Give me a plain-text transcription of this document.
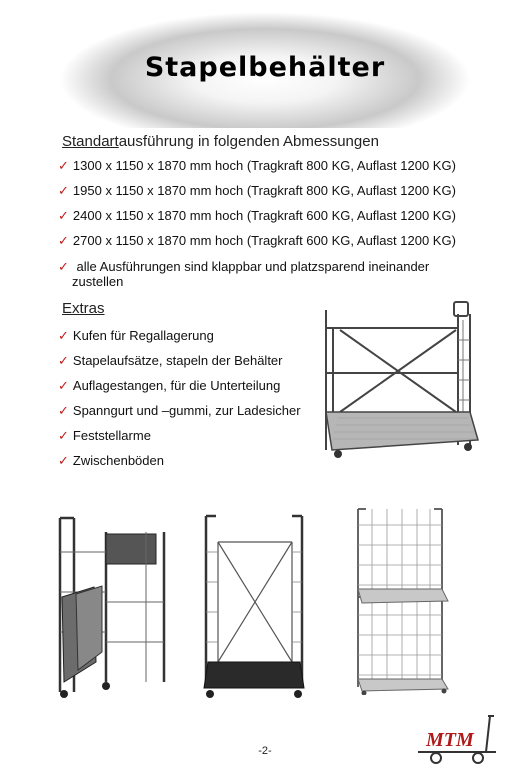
Stapelbehälter
Standartausführung in folgenden Abmessungen
✓ 1300 x 1150 x 1870 mm hoch (Tragkraft 800 KG, Auflast 1200 KG)
✓ 1950 x 1150 x 1870 mm hoch (Tragkraft 800 KG, Auflast 1200 KG)
✓ 2400 x 1150 x 1870 mm hoch (Tragkraft 600 KG, Auflast 1200 KG)
✓ 2700 x 1150 x 1870 mm hoch (Tragkraft 600 KG, Auflast 1200 KG)
✓ alle Ausführungen sind klappbar und platzsparend ineinander
zustellen
Extras
✓ Kufen für Regallagerung
✓ Stapelaufsätze, stapeln der Behälter
✓ Auflagestangen, für die Unterteilung
✓ Spanngurt und –gummi, zur Ladesicher
✓ Feststellarme
✓ Zwischenböden
-2-	MTM
